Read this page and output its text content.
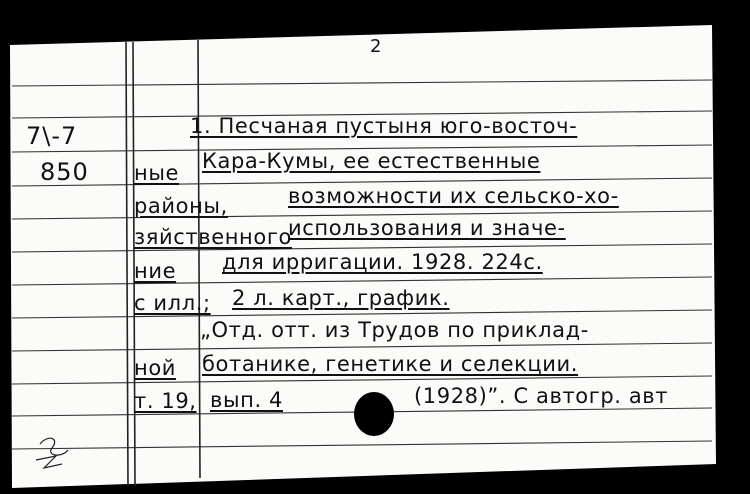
2
7\-7
850 ные
районы,
зяйственного
ние
с илл.;
ной
т. 19,
1. Песчаная пустыня юго-восточ-
Кара-Кумы, ее естественные
возможности их сельско-хо-
использования и значе-
для ирригации. 1928. 224с.
2 л. карт., график.
„Отд. отт. из Трудов по приклад-
ботанике, генетике и селекции.
вып. 4	(1928)”. С автогр. авт
